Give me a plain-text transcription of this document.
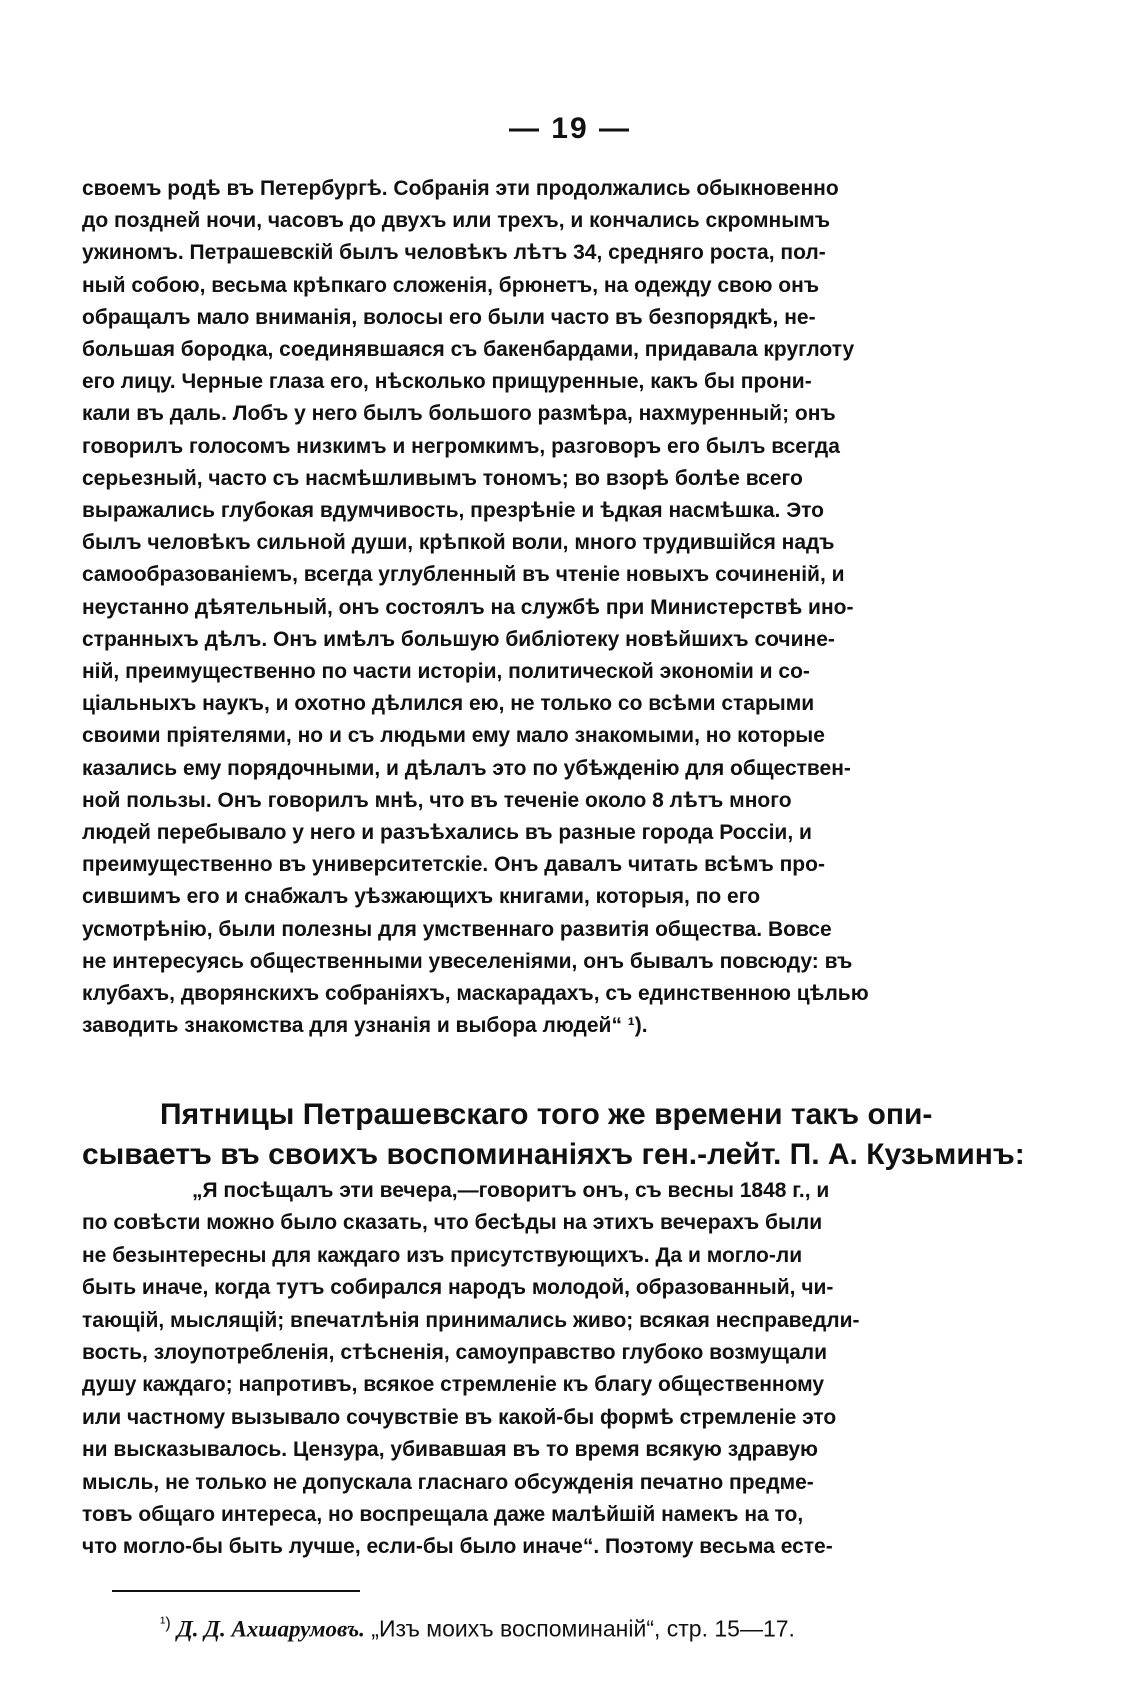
— 19 —
своемъ родѣ въ Петербургѣ. Собранія эти продолжались обыкновенно
до поздней ночи, часовъ до двухъ или трехъ, и кончались скромнымъ
ужиномъ. Петрашевскій былъ человѣкъ лѣтъ 34, средняго роста, пол-
ный собою, весьма крѣпкаго сложенія, брюнетъ, на одежду свою онъ
обращалъ мало вниманія, волосы его были часто въ безпорядкѣ, не-
большая бородка, соединявшаяся съ бакенбардами, придавала круглоту
его лицу. Черные глаза его, нѣсколько прищуренные, какъ бы прони-
кали въ даль. Лобъ у него былъ большого размѣра, нахмуренный; онъ
говорилъ голосомъ низкимъ и негромкимъ, разговоръ его былъ всегда
серьезный, часто съ насмѣшливымъ тономъ; во взорѣ болѣе всего
выражались глубокая вдумчивость, презрѣніе и ѣдкая насмѣшка. Это
былъ человѣкъ сильной души, крѣпкой воли, много трудившійся надъ
самообразованіемъ, всегда углубленный въ чтеніе новыхъ сочиненій, и
неустанно дѣятельный, онъ состоялъ на службѣ при Министерствѣ ино-
странныхъ дѣлъ. Онъ имѣлъ большую библіотеку новѣйшихъ сочине-
ній, преимущественно по части исторіи, политической экономіи и со-
ціальныхъ наукъ, и охотно дѣлился ею, не только со всѣми старыми
своими пріятелями, но и съ людьми ему мало знакомыми, но которые
казались ему порядочными, и дѣлалъ это по убѣжденію для обществен-
ной пользы. Онъ говорилъ мнѣ, что въ теченіе около 8 лѣтъ много
людей перебывало у него и разъѣхались въ разные города Россіи, и
преимущественно въ университетскіе. Онъ давалъ читать всѣмъ про-
сившимъ его и снабжалъ уѣзжающихъ книгами, которыя, по его
усмотрѣнію, были полезны для умственнаго развитія общества. Вовсе
не интересуясь общественными увеселеніями, онъ бывалъ повсюду: въ
клубахъ, дворянскихъ собраніяхъ, маскарадахъ, съ единственною цѣлью
заводить знакомства для узнанія и выбора людей“ ¹).
Пятницы Петрашевскаго того же времени такъ опи-
сываетъ въ своихъ воспоминаніяхъ ген.-лейт. П. А. Кузьминъ:
„Я посѣщалъ эти вечера,—говоритъ онъ, съ весны 1848 г., и
по совѣсти можно было сказать, что бесѣды на этихъ вечерахъ были
не безынтересны для каждаго изъ присутствующихъ. Да и могло-ли
быть иначе, когда тутъ собирался народъ молодой, образованный, чи-
тающій, мыслящій; впечатлѣнія принимались живо; всякая несправедли-
вость, злоупотребленія, стѣсненія, самоуправство глубоко возмущали
душу каждаго; напротивъ, всякое стремленіе къ благу общественному
или частному вызывало сочувствіе въ какой-бы формѣ стремленіе это
ни высказывалось. Цензура, убивавшая въ то время всякую здравую
мысль, не только не допускала гласнаго обсужденія печатно предме-
товъ общаго интереса, но воспрещала даже малѣйшій намекъ на то,
что могло-бы быть лучше, если-бы было иначе“. Поэтому весьма есте-
$^{^1)}$ Д. Д. Ахшарумовъ. „Изъ моихъ воспоминаній“, стр. 15—17.
